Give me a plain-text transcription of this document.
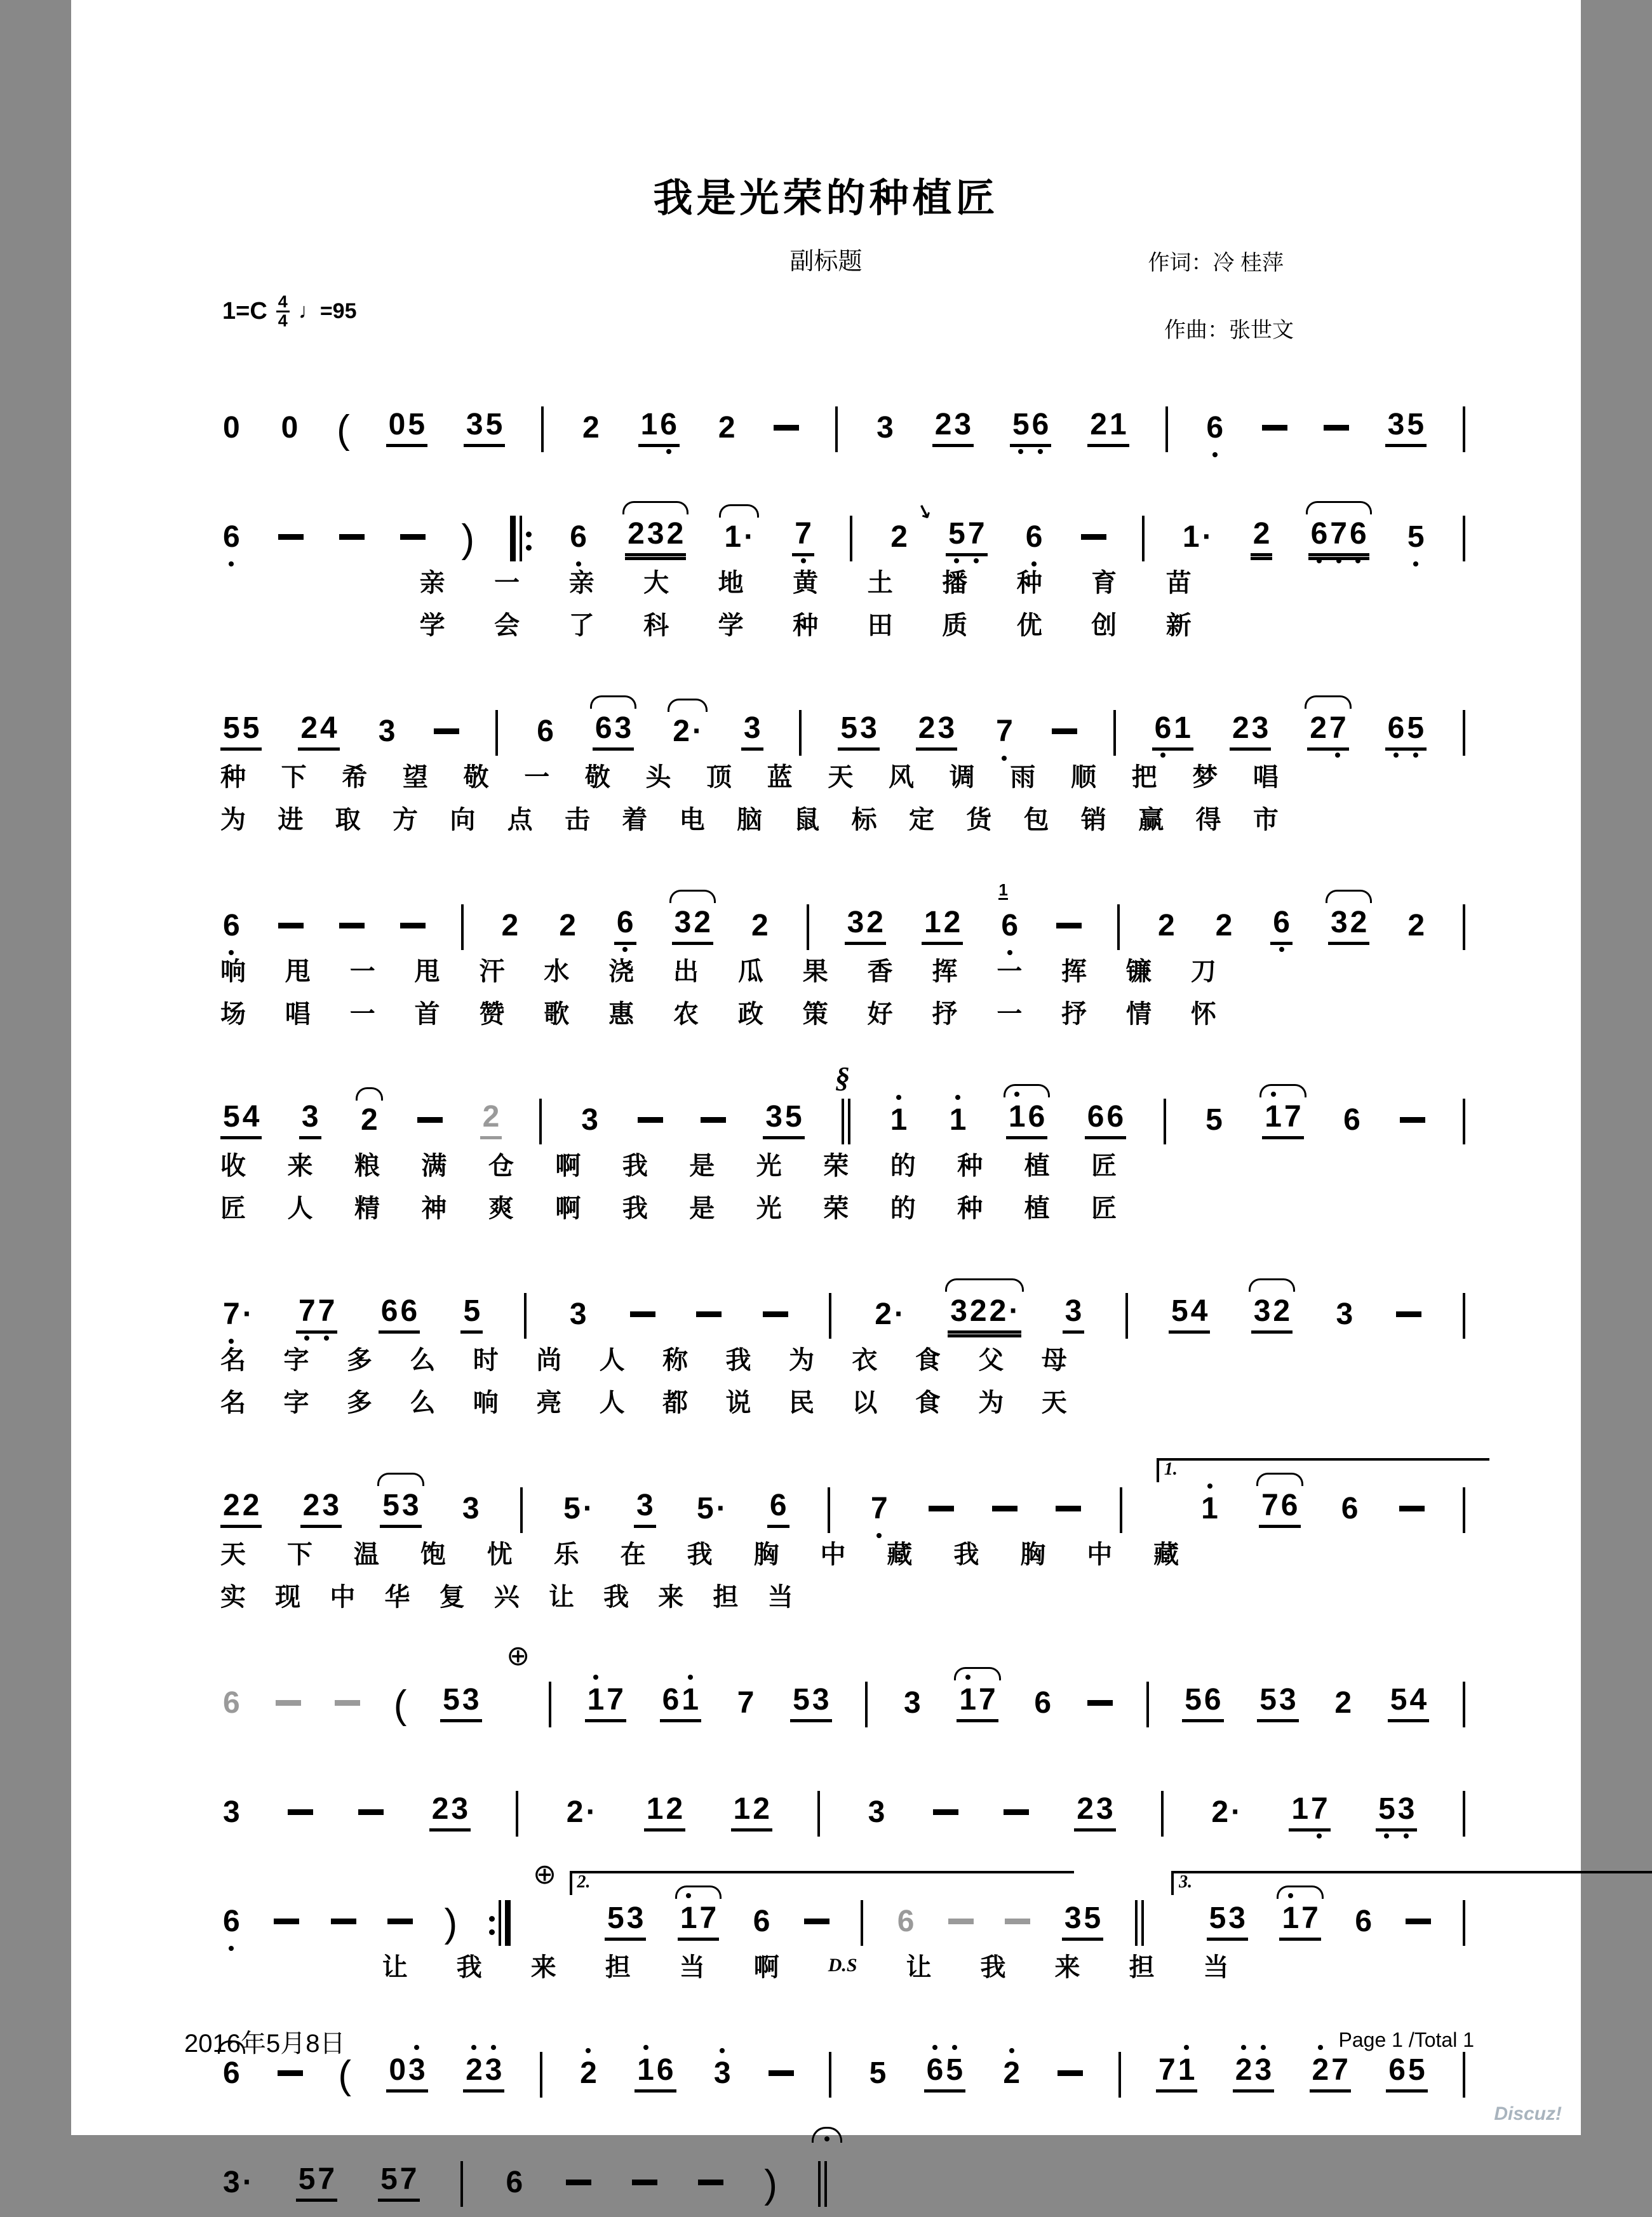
我是光荣的种植匠
副标题	作词：冷 桂萍
作曲：张世文
$1=C \frac{4}{4}$ ♩=95
0 0 ( 0 5 3 5	2 1 6 2	3 2 3 5 6 2 1	6	3 5
6	)	6 2 3 2 1 · 7	2
↘
5 7 6	1 · 2 6 7 6 5
亲 一 亲 大 地 黄 土 播 种 育 苗
学 会 了 科 学 种 田 质 优 创 新
5 5 2 4 3	6 6 3 2 · 3	5 3 2 3 7	6 1 2 3 2 7 6 5
种 下 希 望 敬 一 敬 头 顶 蓝 天 风 调 雨 顺 把 梦 唱
为 进 取 方 向 点 击 着 电 脑 鼠 标 定 货 包 销 赢 得 市
6	2 2 6 3 2 2	3 2 1 2 6
1
2 2 6 3 2 2
响 甩 一 甩 汗 水 浇 出 瓜 果 香 挥 一 挥 镰 刀
场 唱 一 首 赞 歌 惠 农 政 策 好 抒 一 抒 情 怀
5 4 3 2	2	3	3 5
§
1 1 1 6 6 6	5 1 7 6
收 来 粮 满 仓 啊 我 是 光 荣 的 种 植 匠
匠 人 精 神 爽 啊 我 是 光 荣 的 种 植 匠
7 · 7 7 6 6 5	3	2 · 3 2 2 · 3	5 4 3 2 3
名 字 多 么 时 尚 人 称 我 为 衣 食 父 母
名 字 多 么 响 亮 人 都 说 民 以 食 为 天
2 2 2 3 5 3 3	5 · 3 5 · 6	7
1.
1 7 6 6
天 下 温 饱 忧 乐 在 我 胸 中 藏 我 胸 中 藏
实 现 中 华 复 兴 让 我 来 担 当
6	( 5 3
⊕
1 7 6 1 7 5 3 3 1 7 6	5 6 5 3 2 5 4
3	2 3	2 · 1 2 1 2	3	2 3	2 · 1 7 5 3
6	)
⊕ 2.
5 3 1 7 6	6	3 5
3.
5 3 1 7 6
让 我 来 担 当 啊	D.S 让 我 来 担 当
6 ( 0 3 2 3	2 1 6 3	5 6 5 2	7 1 2 3 2 7 6 5
3 · 5 7 5 7	6	)
2016年5月8日	Page 1 /Total 1
Discuz!
